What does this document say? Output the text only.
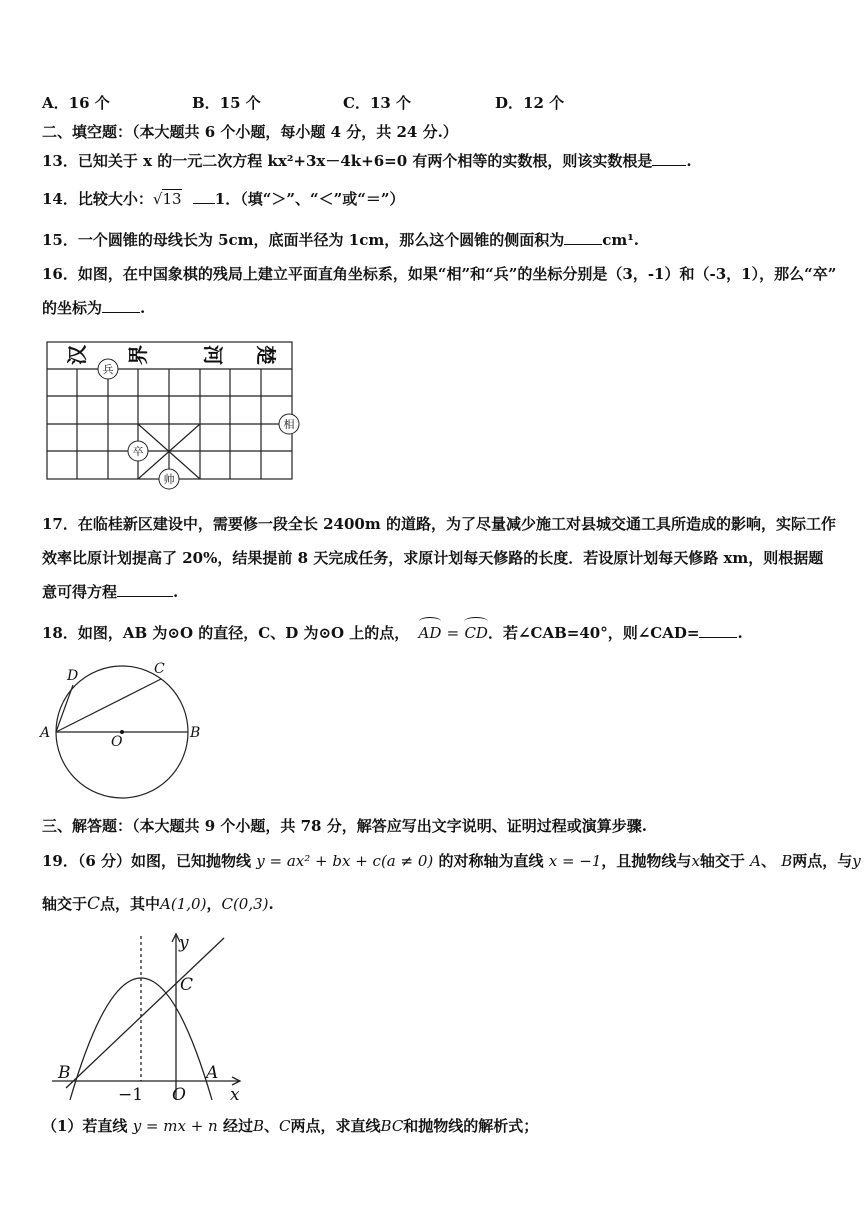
A．16 个	B．15 个	C．13 个	D．12 个
二、填空题：（本大题共 6 个小题，每小题 4 分，共 24 分.）
13．已知关于 x 的一元二次方程 kx²+3x－4k+6=0 有两个相等的实数根，则该实数根是 .
14．比较大小：√13 1．（填“＞”、“＜”或“＝”）
15．一个圆锥的母线长为 5cm，底面半径为 1cm，那么这个圆锥的侧面积为	cm¹.
16．如图，在中国象棋的残局上建立平面直角坐标系，如果“相”和“兵”的坐标分别是（3，-1）和（-3，1），那么“卒”
的坐标为	.
汉 界	河 楚
兵
相
卒
帅
17．在临桂新区建设中，需要修一段全长 2400m 的道路，为了尽量减少施工对县城交通工具所造成的影响，实际工作
效率比原计划提高了 20%，结果提前 8 天完成任务，求原计划每天修路的长度．若设原计划每天修路 xm，则根据题
意可得方程	.
18．如图，AB 为⊙O 的直径，C、D 为⊙O 上的点， AD = CD．若∠CAB=40°，则∠CAD=	.
A	B
C
D
O
三、解答题：（本大题共 9 个小题，共 78 分，解答应写出文字说明、证明过程或演算步骤.
19．（6 分）如图，已知抛物线 y = ax² + bx + c(a ≠ 0) 的对称轴为直线 x = −1，且抛物线与x轴交于 A、 B两点，与y
轴交于C点，其中A(1,0)，C(0,3).
y
x
C
B	A
O
−1
（1）若直线 y = mx + n 经过B、C两点，求直线BC和抛物线的解析式；
